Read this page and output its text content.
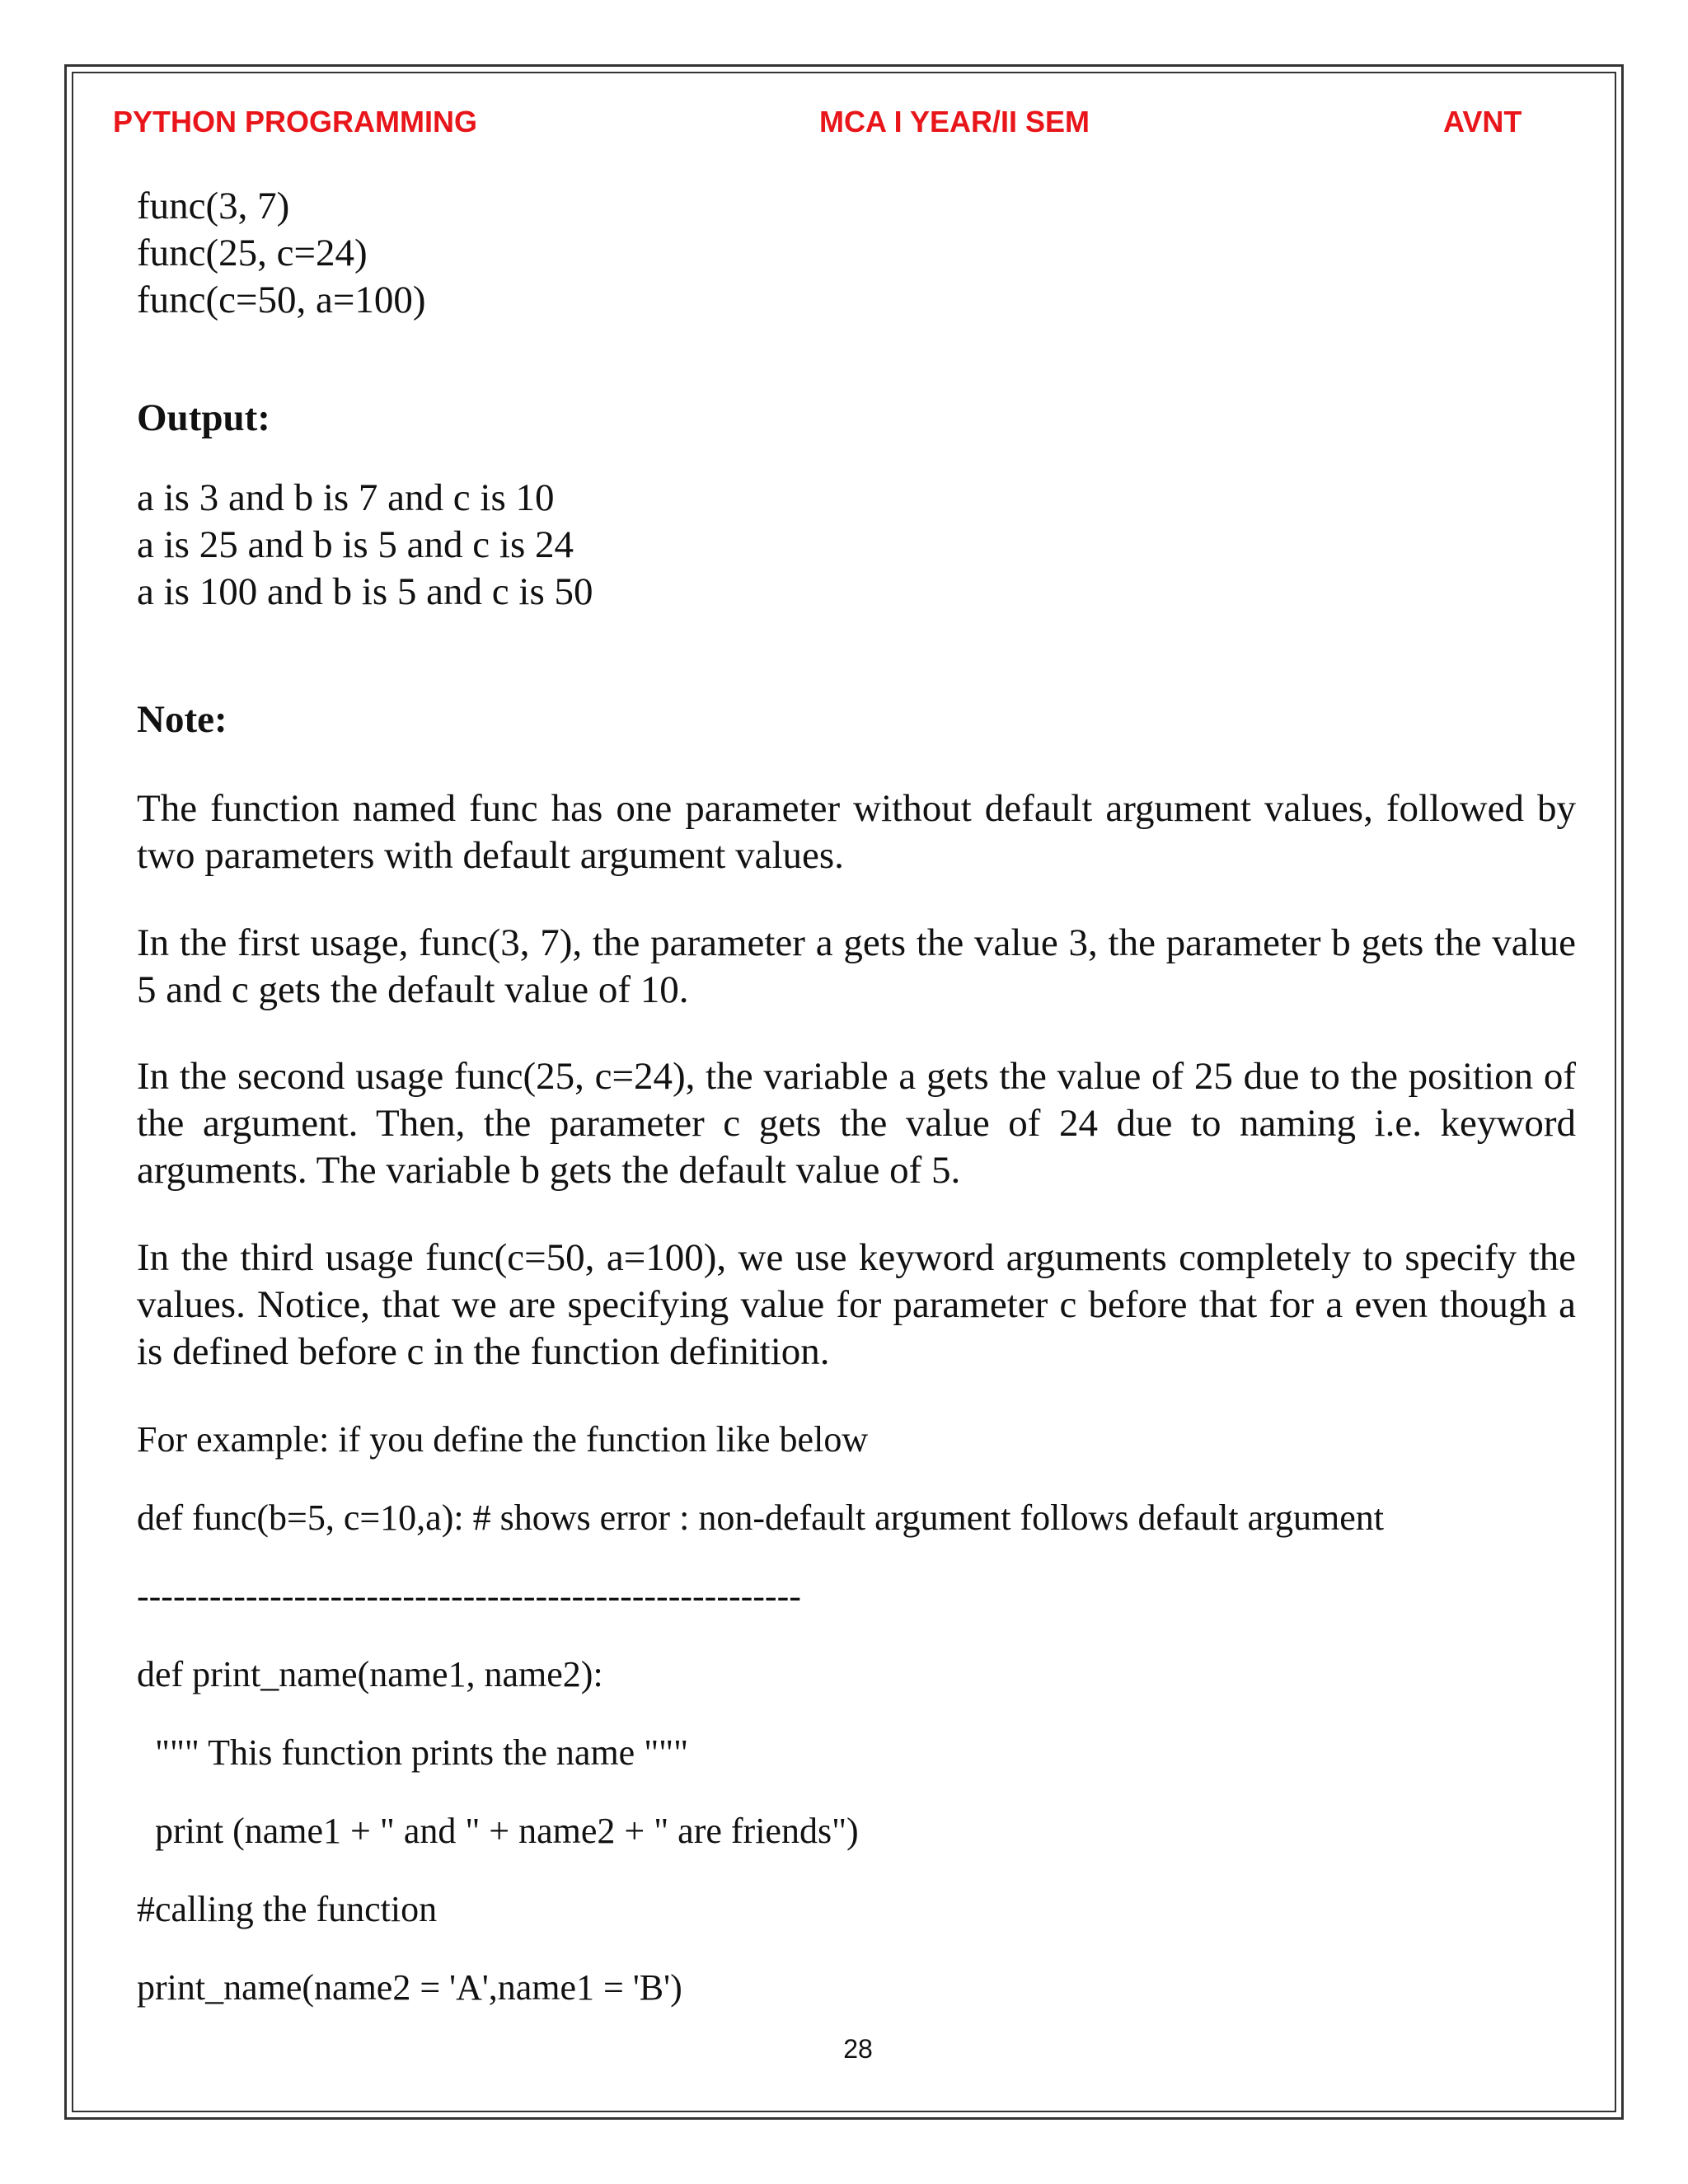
PYTHON PROGRAMMING	MCA I YEAR/II SEM	AVNT
func(3, 7)
func(25, c=24)
func(c=50, a=100)
Output:
a is 3 and b is 7 and c is 10
a is 25 and b is 5 and c is 24
a is 100 and b is 5 and c is 50
Note:
The function named func has one parameter without default argument values, followed by two parameters with default argument values.
In the first usage, func(3, 7), the parameter a gets the value 3, the parameter b gets the value 5 and c gets the default value of 10.
In the second usage func(25, c=24), the variable a gets the value of 25 due to the position of the argument. Then, the parameter c gets the value of 24 due to naming i.e. keyword arguments. The variable b gets the default value of 5.
In the third usage func(c=50, a=100), we use keyword arguments completely to specify the values. Notice, that we are specifying value for parameter c before that for a even though a is defined before c in the function definition.
For example: if you define the function like below
def func(b=5, c=10,a): # shows error : non-default argument follows default argument
-------------------------------------------------------
def print_name(name1, name2):
""" This function prints the name """
print (name1 + " and " + name2 + " are friends")
#calling the function
print_name(name2 = 'A',name1 = 'B')
28
